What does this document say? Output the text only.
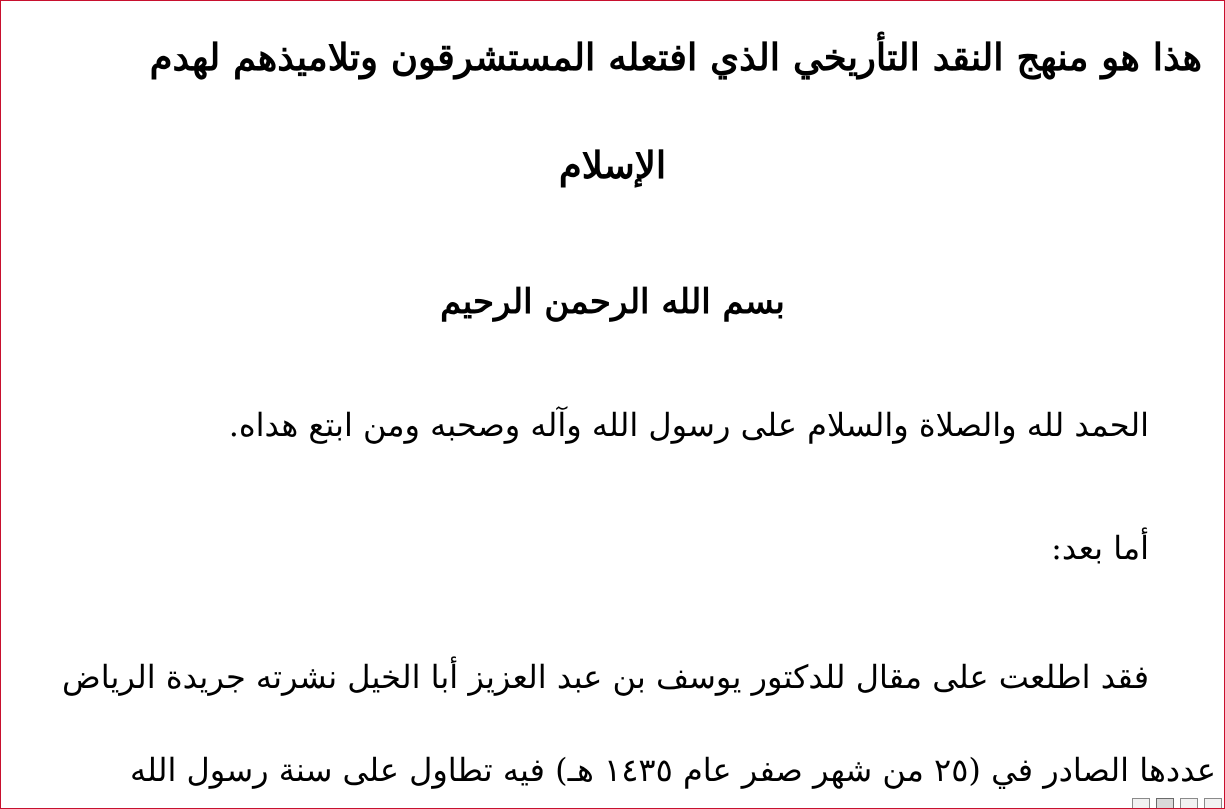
هذا هو منهج النقد التأريخي الذي افتعله المستشرقون وتلاميذهم لهدم
الإسلام
بسم الله الرحمن الرحيم
الحمد لله والصلاة والسلام على رسول الله وآله وصحبه ومن ابتع هداه.
أما بعد:
فقد اطلعت على مقال للدكتور يوسف بن عبد العزيز أبا الخيل نشرته جريدة الرياض
عددها الصادر في (٢٥ من شهر صفر عام ١٤٣٥ هـ) فيه تطاول على سنة رسول الله
